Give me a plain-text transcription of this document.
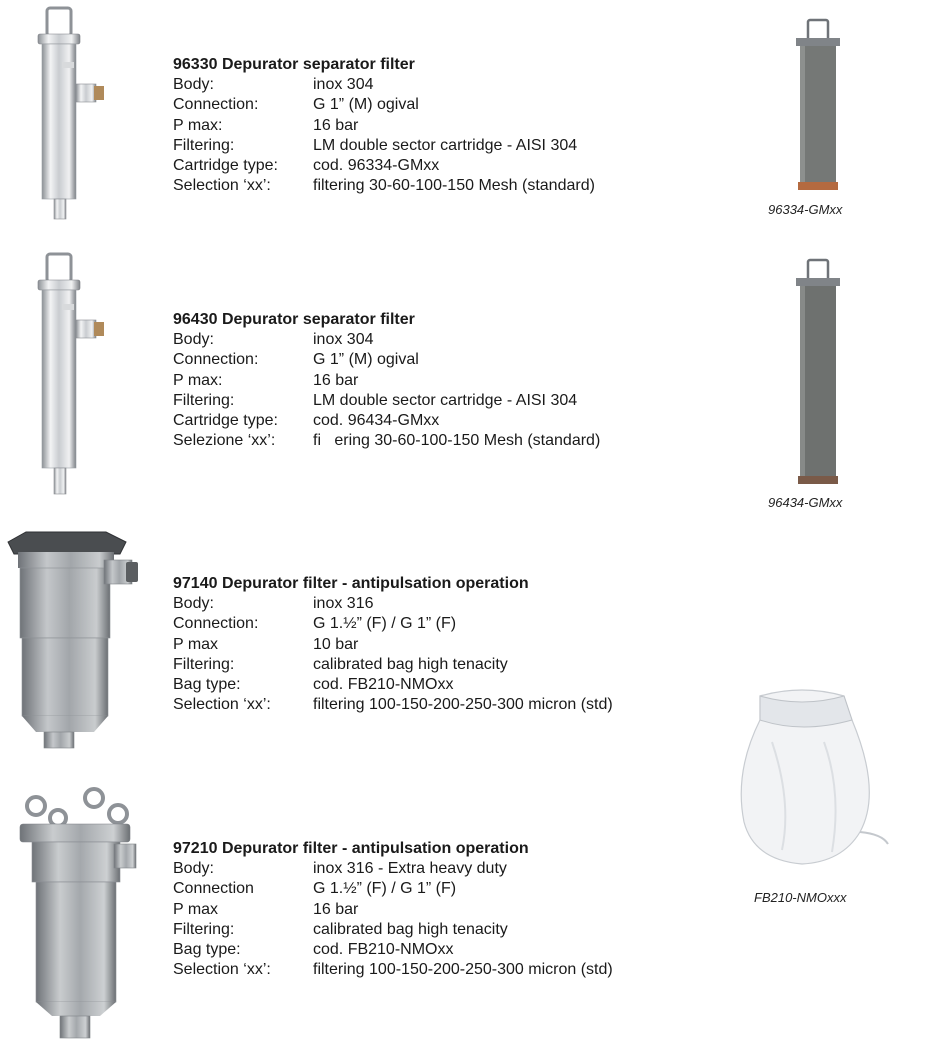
96330 Depurator separator filter
Body:	inox 304
Connection:	G 1” (M) ogival
P max:	16 bar
Filtering:	LM double sector cartridge - AISI 304
Cartridge type:	cod. 96334-GMxx
Selection ‘xx’:	filtering 30-60-100-150 Mesh (standard)
96334-GMxx
96430 Depurator separator filter
Body:	inox 304
Connection:	G 1” (M) ogival
P max:	16 bar
Filtering:	LM double sector cartridge - AISI 304
Cartridge type:	cod. 96434-GMxx
Selezione ‘xx’:	fi   ering 30-60-100-150 Mesh (standard)
96434-GMxx
97140 Depurator filter - antipulsation operation
Body:	inox 316
Connection:	G 1.½” (F) / G 1” (F)
P max	10 bar
Filtering:	calibrated bag high tenacity
Bag type:	cod. FB210-NMOxx
Selection ‘xx’:	filtering 100-150-200-250-300 micron (std)
FB210-NMOxxx
97210 Depurator filter - antipulsation operation
Body:	inox 316 - Extra heavy duty
Connection	G 1.½” (F) / G 1” (F)
P max	16 bar
Filtering:	calibrated bag high tenacity
Bag type:	cod. FB210-NMOxx
Selection ‘xx’:	filtering 100-150-200-250-300 micron (std)
